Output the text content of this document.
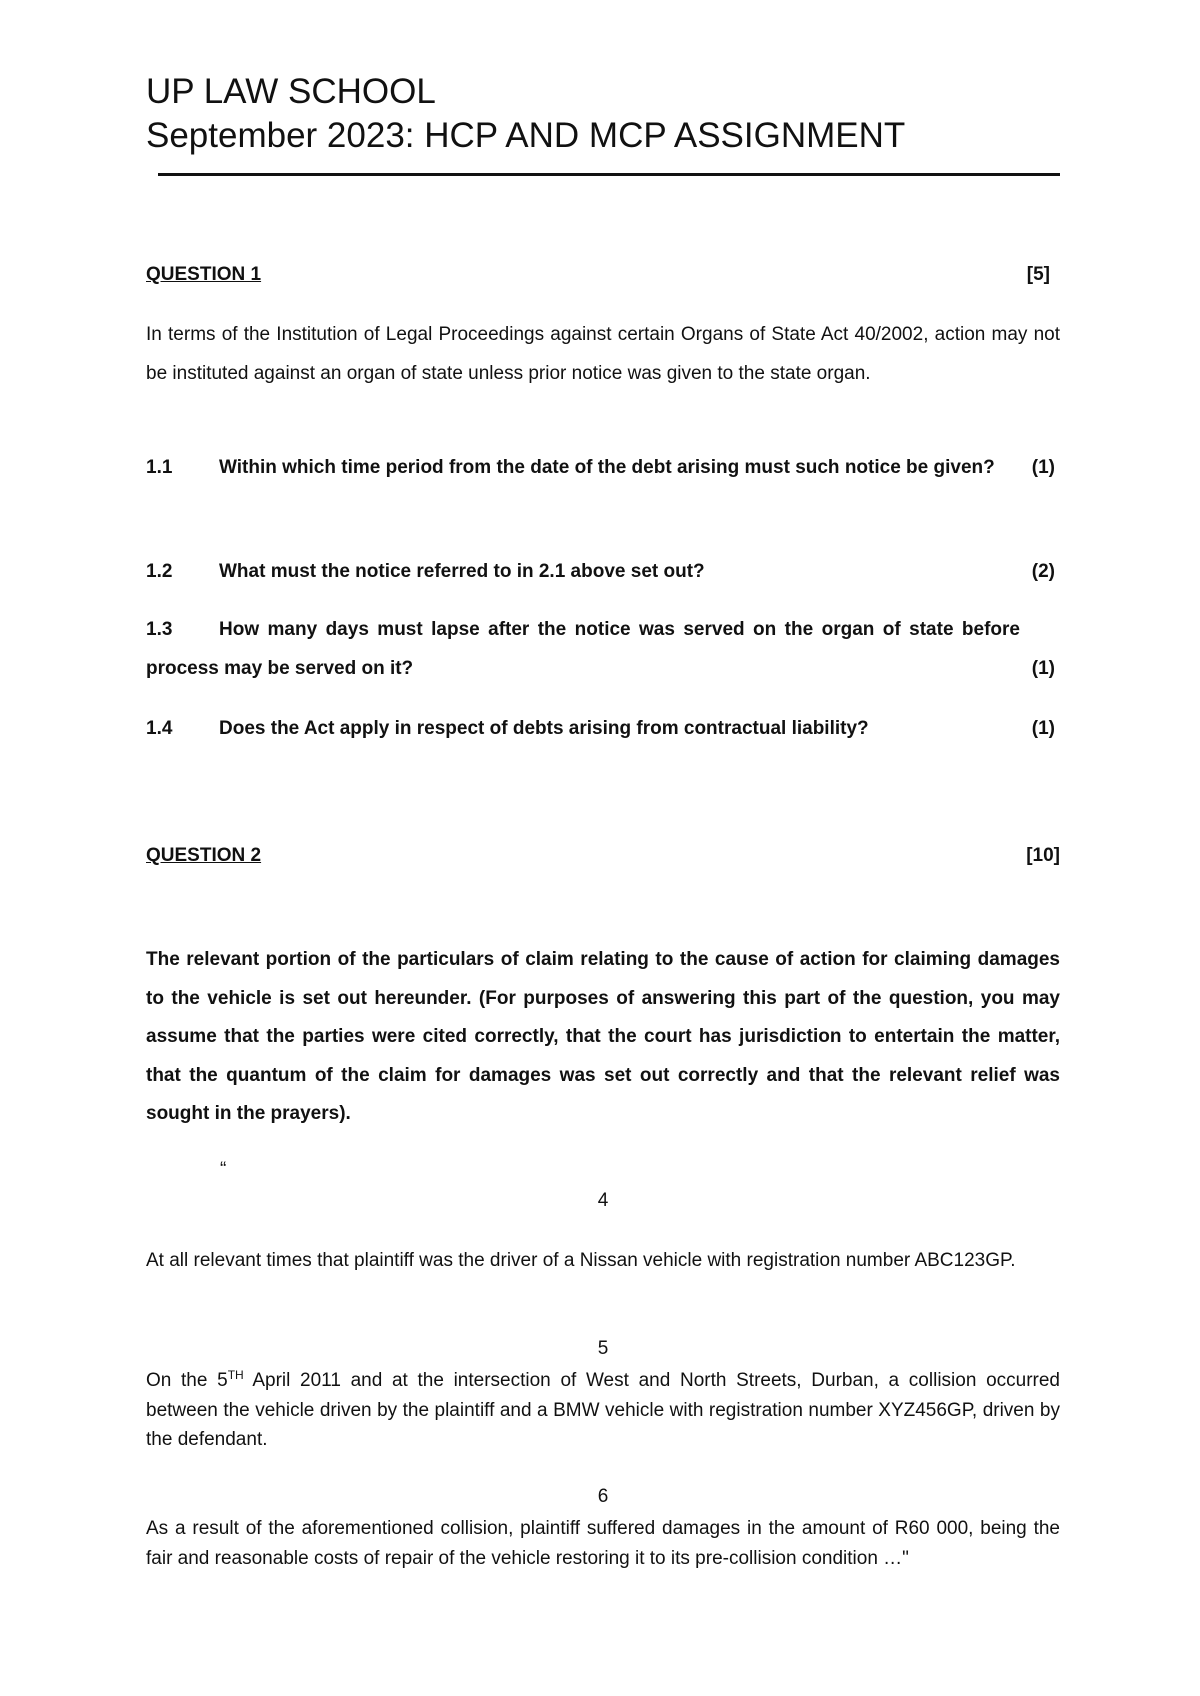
UP LAW SCHOOL
September 2023: HCP AND MCP ASSIGNMENT
QUESTION 1	[5]
In terms of the Institution of Legal Proceedings against certain Organs of State Act 40/2002, action may not be instituted against an organ of state unless prior notice was given to the state organ.
1.1	Within which time period from the date of the debt arising must such notice be given?	(1)
1.2	What must the notice referred to in 2.1 above set out?	(2)
1.3	How many days must lapse after the notice was served on the organ of state before process may be served on it?	(1)
1.4	Does the Act apply in respect of debts arising from contractual liability?	(1)
QUESTION 2	[10]
The relevant portion of the particulars of claim relating to the cause of action for claiming damages to the vehicle is set out hereunder. (For purposes of answering this part of the question, you may assume that the parties were cited correctly, that the court has jurisdiction to entertain the matter, that the quantum of the claim for damages was set out correctly and that the relevant relief was sought in the prayers).
“
4
At all relevant times that plaintiff was the driver of a Nissan vehicle with registration number ABC123GP.
5
On the 5TH April 2011 and at the intersection of West and North Streets, Durban, a collision occurred between the vehicle driven by the plaintiff and a BMW vehicle with registration number XYZ456GP, driven by the defendant.
6
As a result of the aforementioned collision, plaintiff suffered damages in the amount of R60 000, being the fair and reasonable costs of repair of the vehicle restoring it to its pre-collision condition …"
